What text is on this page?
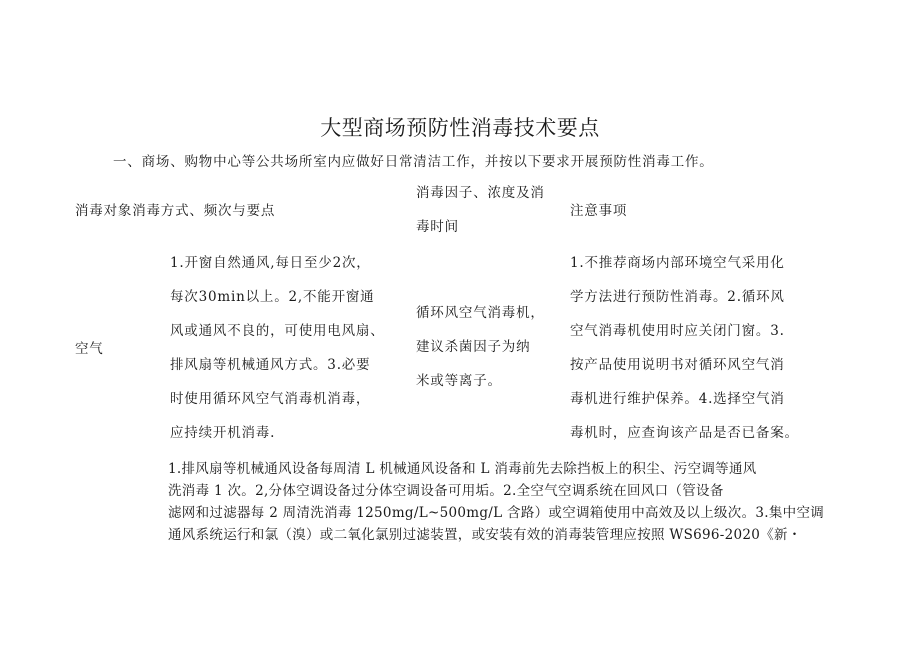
大型商场预防性消毒技术要点
一、商场、购物中心等公共场所室内应做好日常清洁工作，并按以下要求开展预防性消毒工作。
消毒对象消毒方式、频次与要点
消毒因子、浓度及消
毒时间
注意事项
空气
1.开窗自然通风,每日至少2次，
每次30min以上。2,不能开窗通
风或通风不良的，可使用电风扇、
排风扇等机械通风方式。3.必要
时使用循环风空气消毒机消毒，
应持续开机消毒.
循环风空气消毒机，
建议杀菌因子为纳
米或等离子。
1.不推荐商场内部环境空气采用化
学方法进行预防性消毒。2.循环风
空气消毒机使用时应关闭门窗。3.
按产品使用说明书对循环风空气消
毒机进行维护保养。4.选择空气消
毒机时，应查询该产品是否已备案。
1.排风扇等机械通风设备每周清 L 机械通风设备和 L 消毒前先去除挡板上的积尘、污空调等通风
洗消毒 1 次。2,分体空调设备过分体空调设备可用垢。2.全空气空调系统在回风口（管设备
滤网和过滤器每 2 周清洗消毒 1250mg/L~500mg/L 含路）或空调箱使用中高效及以上级次。3.集中空调
通风系统运行和氯（溴）或二氧化氯别过滤装置，或安装有效的消毒装管理应按照 WS696-2020《新・
